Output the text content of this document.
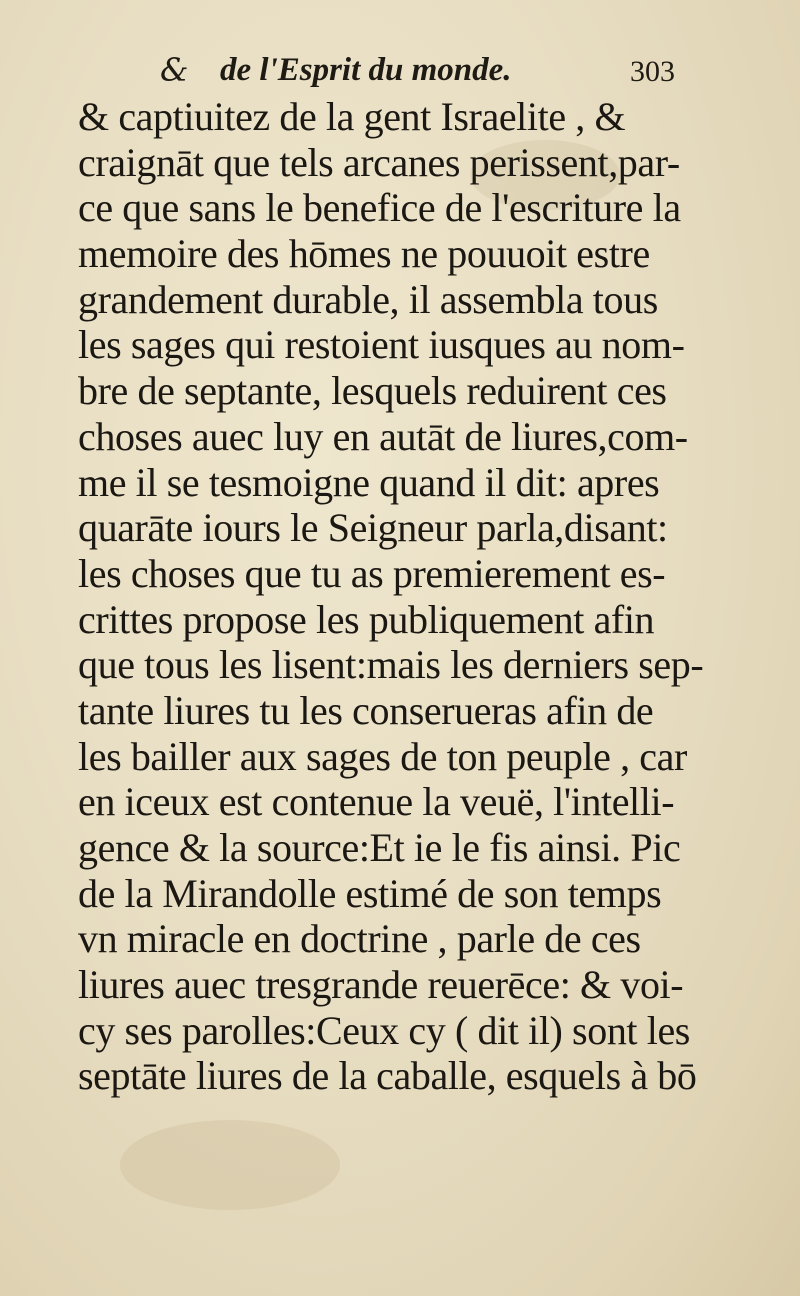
& de l'Esprit du monde.	303
& captiuitez de la gent Israelite , &
craignāt que tels arcanes perissent,par-
ce que sans le benefice de l'escriture la
memoire des hōmes ne pouuoit estre
grandement durable, il assembla tous
les sages qui restoient iusques au nom-
bre de septante, lesquels reduirent ces
choses auec luy en autāt de liures,com-
me il se tesmoigne quand il dit: apres
quarāte iours le Seigneur parla,disant:
les choses que tu as premierement es-
crittes propose les publiquement afin
que tous les lisent:mais les derniers sep-
tante liures tu les conserueras afin de
les bailler aux sages de ton peuple , car
en iceux est contenue la veuë, l'intelli-
gence & la source:Et ie le fis ainsi. Pic
de la Mirandolle estimé de son temps
vn miracle en doctrine , parle de ces
liures auec tresgrande reuerēce: & voi-
cy ses parolles:Ceux cy ( dit il) sont les
septāte liures de la caballe, esquels à bō
